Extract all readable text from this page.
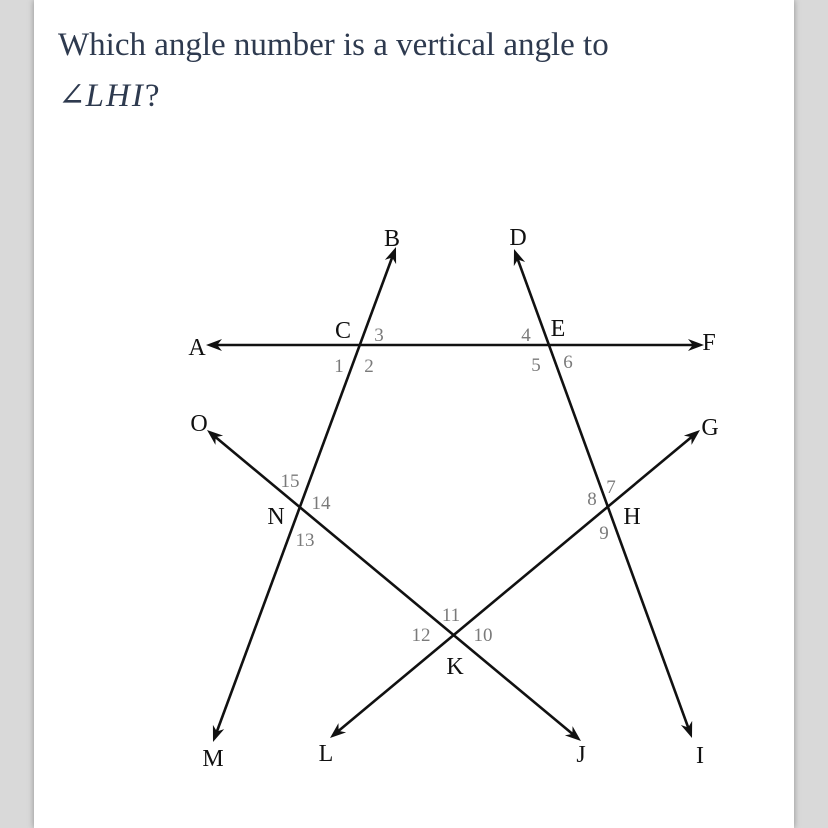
Which angle number is a vertical angle to
∠LHI?
A
B
C
D
E
F
G
H
I
J
K
L
M
N
O
1 2
3	4
5 6
7
8
9
10
11
12
13
14
15
